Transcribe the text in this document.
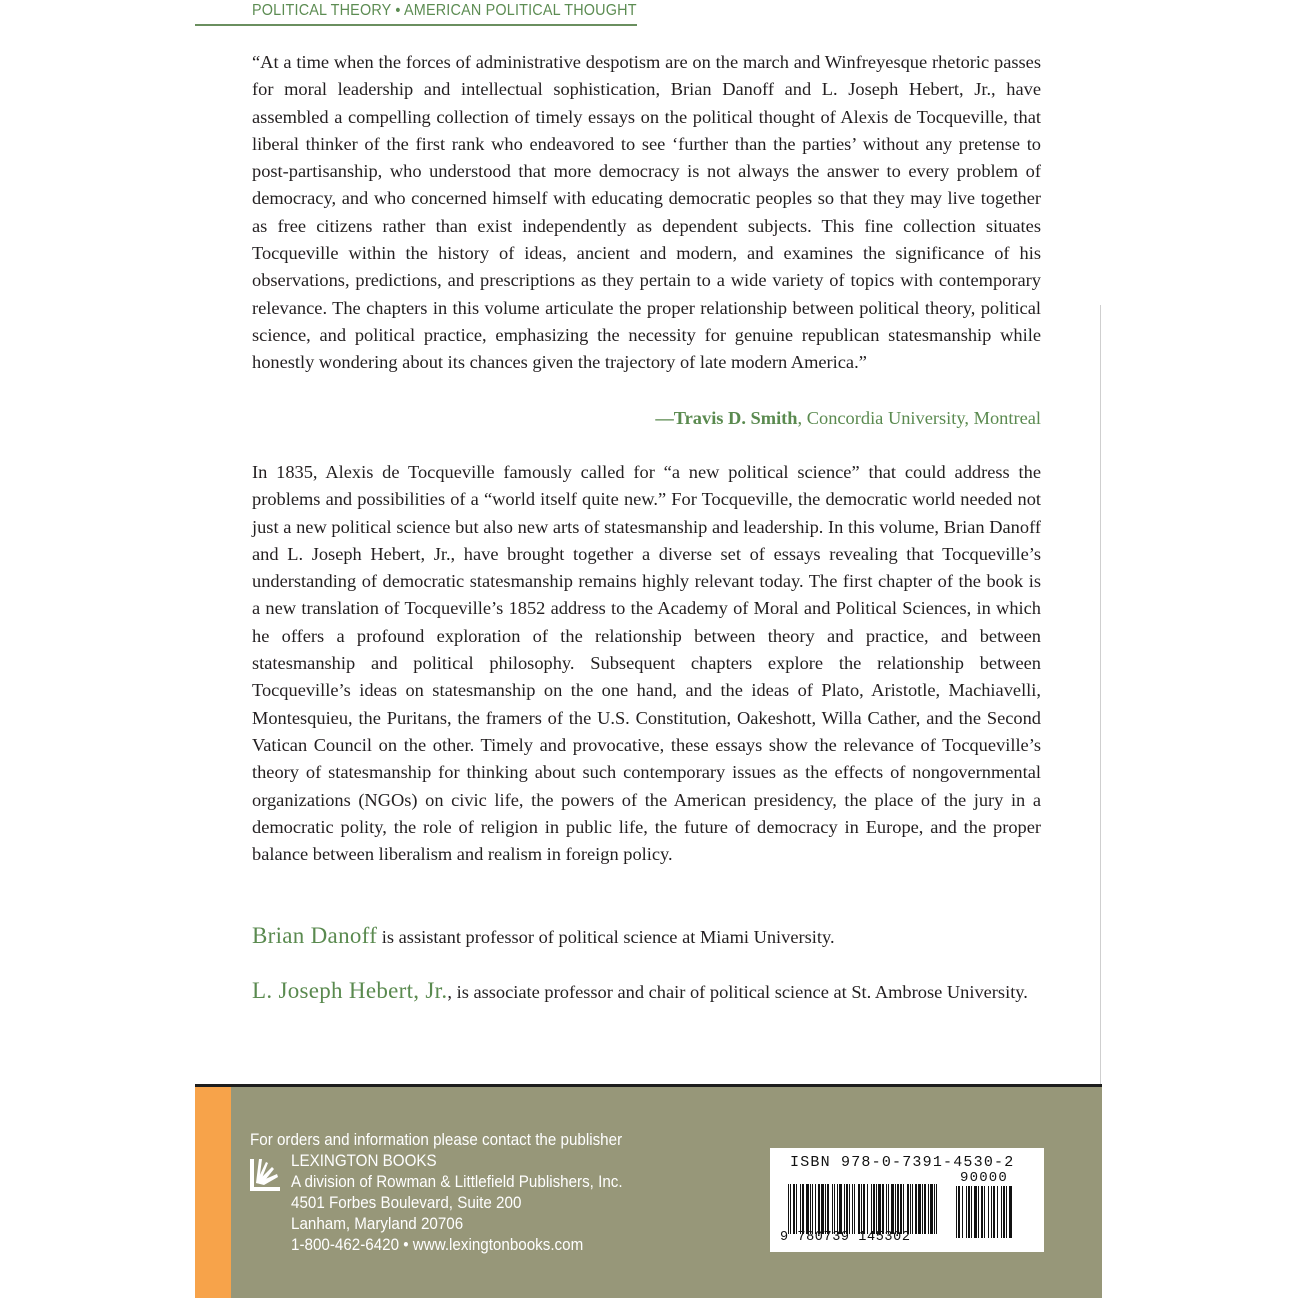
POLITICAL THEORY • AMERICAN POLITICAL THOUGHT
“At a time when the forces of administrative despotism are on the march and Winfreyesque rhetoric passes for moral leadership and intellectual sophistication, Brian Danoff and L. Joseph Hebert, Jr., have assembled a compelling collection of timely essays on the political thought of Alexis de Tocqueville, that liberal thinker of the first rank who endeavored to see ‘further than the parties’ without any pretense to post-partisanship, who understood that more democracy is not always the answer to every problem of democracy, and who concerned himself with educating democratic peoples so that they may live together as free citizens rather than exist independently as dependent subjects. This fine collection situates Tocqueville within the history of ideas, ancient and modern, and examines the significance of his observations, predictions, and prescriptions as they pertain to a wide variety of topics with contemporary relevance. The chapters in this volume articulate the proper relationship between political theory, political science, and political practice, emphasizing the necessity for genuine republican statesmanship while honestly wondering about its chances given the trajectory of late modern America.”
—Travis D. Smith, Concordia University, Montreal
In 1835, Alexis de Tocqueville famously called for “a new political science” that could address the problems and possibilities of a “world itself quite new.” For Tocqueville, the democratic world needed not just a new political science but also new arts of statesmanship and leadership. In this volume, Brian Danoff and L. Joseph Hebert, Jr., have brought together a diverse set of essays revealing that Tocqueville’s understanding of democratic statesmanship remains highly relevant today. The first chapter of the book is a new translation of Tocqueville’s 1852 address to the Academy of Moral and Political Sciences, in which he offers a profound exploration of the relationship between theory and practice, and between statesmanship and political philosophy. Subsequent chapters explore the relationship between Tocqueville’s ideas on statesmanship on the one hand, and the ideas of Plato, Aristotle, Machiavelli, Montesquieu, the Puritans, the framers of the U.S. Constitution, Oakeshott, Willa Cather, and the Second Vatican Council on the other. Timely and provocative, these essays show the relevance of Tocqueville’s theory of statesmanship for thinking about such contemporary issues as the effects of nongovernmental organizations (NGOs) on civic life, the powers of the American presidency, the place of the jury in a democratic polity, the role of religion in public life, the future of democracy in Europe, and the proper balance between liberalism and realism in foreign policy.
Brian Danoff is assistant professor of political science at Miami University.
L. Joseph Hebert, Jr., is associate professor and chair of political science at St. Ambrose University.
For orders and information please contact the publisher
LEXINGTON BOOKS
A division of Rowman & Littlefield Publishers, Inc.
4501 Forbes Boulevard, Suite 200
Lanham, Maryland 20706
1-800-462-6420 • www.lexingtonbooks.com
ISBN 978-0-7391-4530-2
90000
9 780739 145302
